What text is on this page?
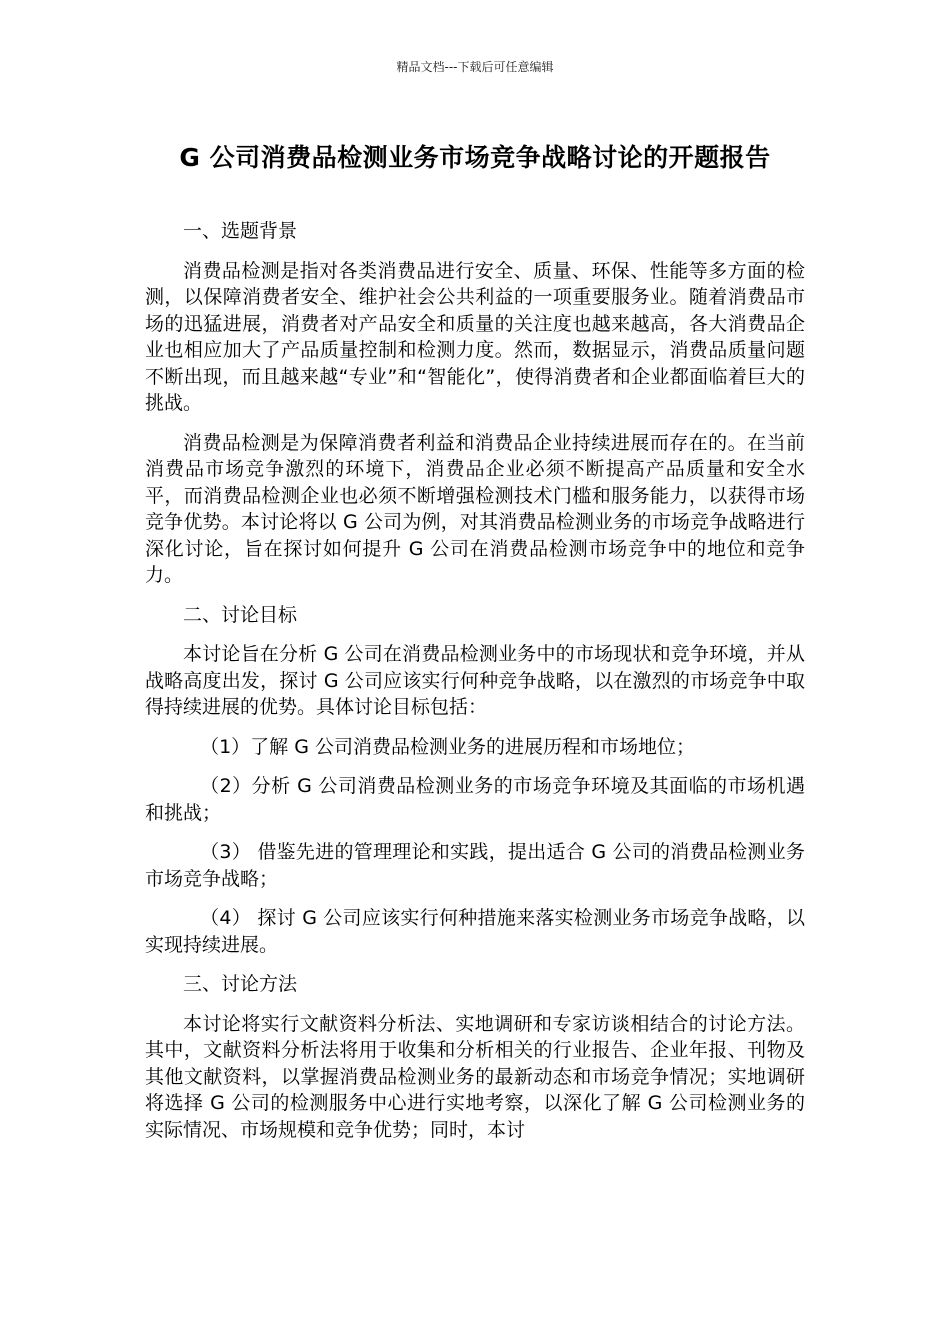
精品文档---下载后可任意编辑
G 公司消费品检测业务市场竞争战略讨论的开题报告

一、选题背景

消费品检测是指对各类消费品进行安全、质量、环保、性能等多方面的检测，以保障消费者安全、维护社会公共利益的一项重要服务业。随着消费品市场的迅猛进展，消费者对产品安全和质量的关注度也越来越高，各大消费品企业也相应加大了产品质量控制和检测力度。然而，数据显示，消费品质量问题不断出现，而且越来越“专业”和“智能化”，使得消费者和企业都面临着巨大的挑战。

消费品检测是为保障消费者利益和消费品企业持续进展而存在的。在当前消费品市场竞争激烈的环境下，消费品企业必须不断提高产品质量和安全水平，而消费品检测企业也必须不断增强检测技术门槛和服务能力，以获得市场竞争优势。本讨论将以 G 公司为例，对其消费品检测业务的市场竞争战略进行深化讨论，旨在探讨如何提升 G 公司在消费品检测市场竞争中的地位和竞争力。

二、讨论目标

本讨论旨在分析 G 公司在消费品检测业务中的市场现状和竞争环境，并从战略高度出发，探讨 G 公司应该实行何种竞争战略，以在激烈的市场竞争中取得持续进展的优势。具体讨论目标包括：

（1）了解 G 公司消费品检测业务的进展历程和市场地位；

（2）分析 G 公司消费品检测业务的市场竞争环境及其面临的市场机遇和挑战；

（3） 借鉴先进的管理理论和实践，提出适合 G 公司的消费品检测业务市场竞争战略；

（4） 探讨 G 公司应该实行何种措施来落实检测业务市场竞争战略，以实现持续进展。

三、讨论方法

本讨论将实行文献资料分析法、实地调研和专家访谈相结合的讨论方法。其中，文献资料分析法将用于收集和分析相关的行业报告、企业年报、刊物及其他文献资料，以掌握消费品检测业务的最新动态和市场竞争情况；实地调研将选择 G 公司的检测服务中心进行实地考察，以深化了解 G 公司检测业务的实际情况、市场规模和竞争优势；同时，本讨
